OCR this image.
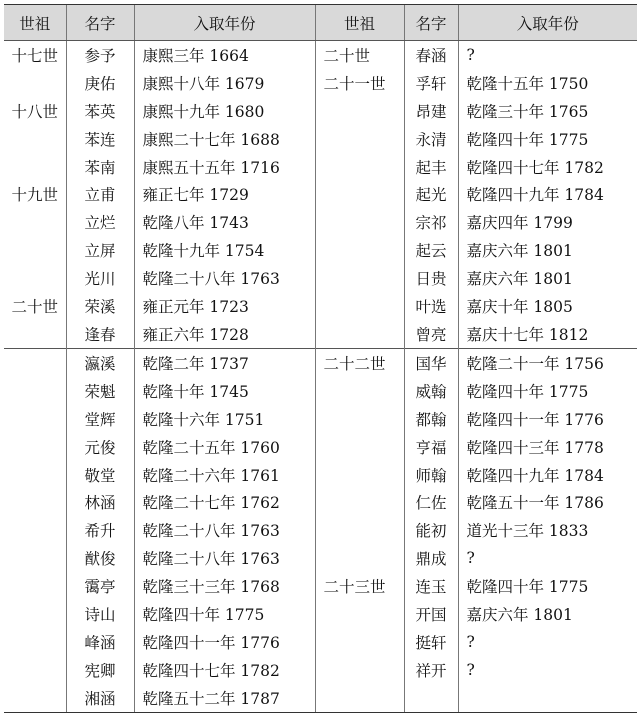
世祖	名字	入取年份	世祖	名字	入取年份
十七世	参予	康熙三年 1664	二十世	春涵	?
	庚佑	康熙十八年 1679	二十一世	孚轩	乾隆十五年 1750
十八世	苯英	康熙十九年 1680		昂建	乾隆三十年 1765
	苯连	康熙二十七年 1688		永清	乾隆四十年 1775
	苯南	康熙五十五年 1716		起丰	乾隆四十七年 1782
十九世	立甫	雍正七年 1729		起光	乾隆四十九年 1784
	立烂	乾隆八年 1743		宗祁	嘉庆四年 1799
	立屏	乾隆十九年 1754		起云	嘉庆六年 1801
	光川	乾隆二十八年 1763		日贵	嘉庆六年 1801
二十世	荣溪	雍正元年 1723		叶选	嘉庆十年 1805
	逢春	雍正六年 1728		曾亮	嘉庆十七年 1812
	瀛溪	乾隆二年 1737	二十二世	国华	乾隆二十一年 1756
	荣魁	乾隆十年 1745		威翰	乾隆四十年 1775
	堂辉	乾隆十六年 1751		都翰	乾隆四十一年 1776
	元俊	乾隆二十五年 1760		亨福	乾隆四十三年 1778
	敬堂	乾隆二十六年 1761		师翰	乾隆四十九年 1784
	林涵	乾隆二十七年 1762		仁佐	乾隆五十一年 1786
	希升	乾隆二十八年 1763		能初	道光十三年 1833
	猷俊	乾隆二十八年 1763		鼎成	?
	霭亭	乾隆三十三年 1768	二十三世	连玉	乾隆四十年 1775
	诗山	乾隆四十年 1775		开国	嘉庆六年 1801
	峰涵	乾隆四十一年 1776		挺轩	?
	宪卿	乾隆四十七年 1782		祥开	?
	湘涵	乾隆五十二年 1787			
